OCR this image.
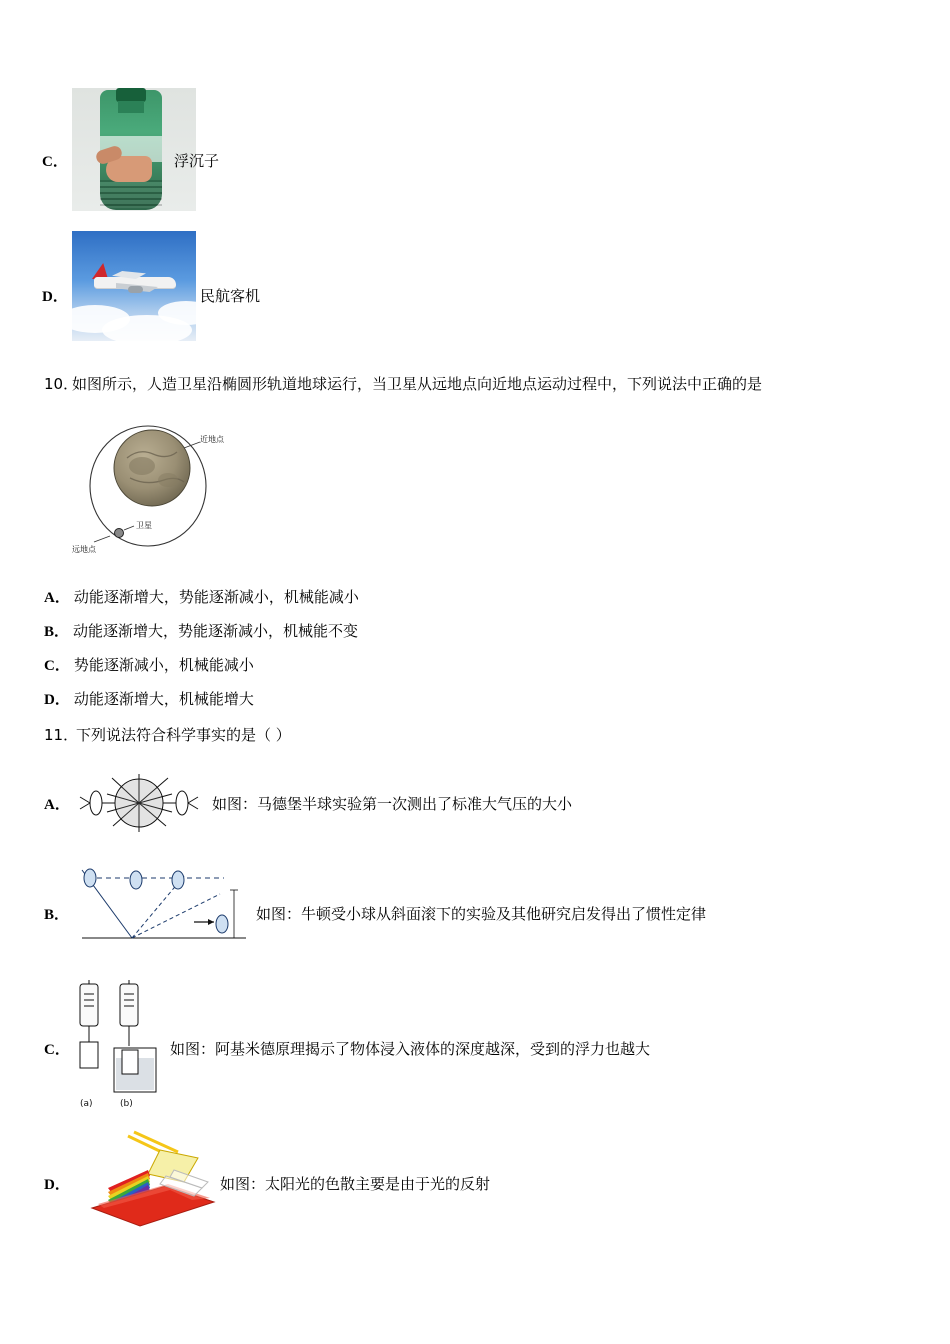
C．	浮沉子
D．	民航客机
10．
如图所示，人造卫星沿椭圆形轨道地球运行，当卫星从远地点向近地点运动过程中，下列说法中正确的是
近地点
卫星
远地点
A． 动能逐渐增大，势能逐渐减小，机械能减小
B． 动能逐渐增大，势能逐渐减小，机械能不变
C． 势能逐渐减小，机械能减小
D． 动能逐渐增大，机械能增大
11．
下列说法符合科学事实的是（ ）
A．	如图：马德堡半球实验第一次测出了标准大气压的大小
B．	如图：牛顿受小球从斜面滚下的实验及其他研究启发得出了惯性定律
C．
(a)	(b)
如图：阿基米德原理揭示了物体浸入液体的深度越深，受到的浮力也越大
D．	如图：太阳光的色散主要是由于光的反射
